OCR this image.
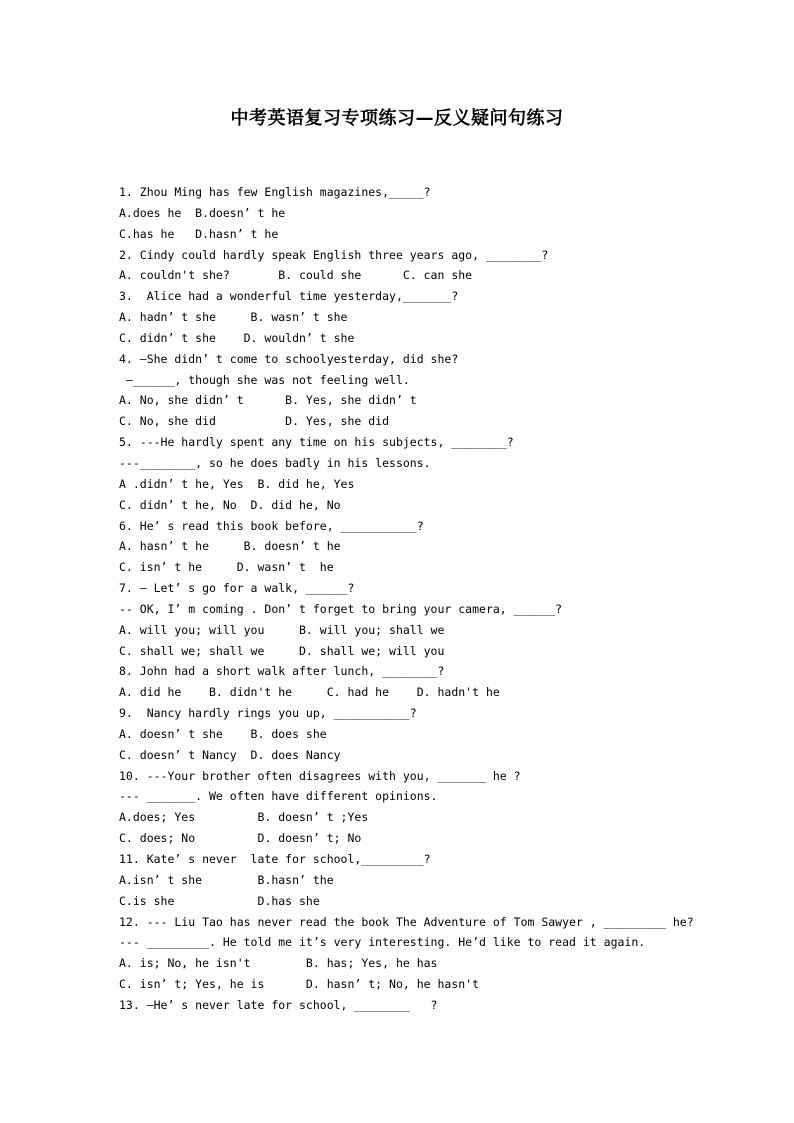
中考英语复习专项练习—反义疑问句练习
1. Zhou Ming has few English magazines,_____?
A.does he  B.doesn’ t he
C.has he   D.hasn’ t he
2. Cindy could hardly speak English three years ago, ________?
A. couldn't she?       B. could she      C. can she
3.  Alice had a wonderful time yesterday,_______?
A. hadn’ t she     B. wasn’ t she
C. didn’ t she    D. wouldn’ t she
4. –She didn’ t come to schoolyesterday, did she?
–______, though she was not feeling well.
A. No, she didn’ t      B. Yes, she didn’ t
C. No, she did          D. Yes, she did
5. ---He hardly spent any time on his subjects, ________?
---________, so he does badly in his lessons.
A .didn’ t he, Yes  B. did he, Yes
C. didn’ t he, No  D. did he, No
6. He’ s read this book before, ___________?
A. hasn’ t he     B. doesn’ t he
C. isn’ t he     D. wasn’ t  he
7. – Let’ s go for a walk, ______?
-- OK, I’ m coming . Don’ t forget to bring your camera, ______?
A. will you; will you     B. will you; shall we
C. shall we; shall we     D. shall we; will you
8. John had a short walk after lunch, ________?
A. did he    B. didn't he     C. had he    D. hadn't he
9.  Nancy hardly rings you up, ___________?
A. doesn’ t she    B. does she
C. doesn’ t Nancy  D. does Nancy
10. ---Your brother often disagrees with you, _______ he ?
--- _______. We often have different opinions.
A.does; Yes         B. doesn’ t ;Yes
C. does; No         D. doesn’ t; No
11. Kate’ s never  late for school,_________?
A.isn’ t she        B.hasn’ the
C.is she            D.has she
12. --- Liu Tao has never read the book The Adventure of Tom Sawyer , _________ he?
--- _________. He told me it’s very interesting. He’d like to read it again.
A. is; No, he isn't        B. has; Yes, he has
C. isn’ t; Yes, he is      D. hasn’ t; No, he hasn't
13. —He’ s never late for school, ________   ?
